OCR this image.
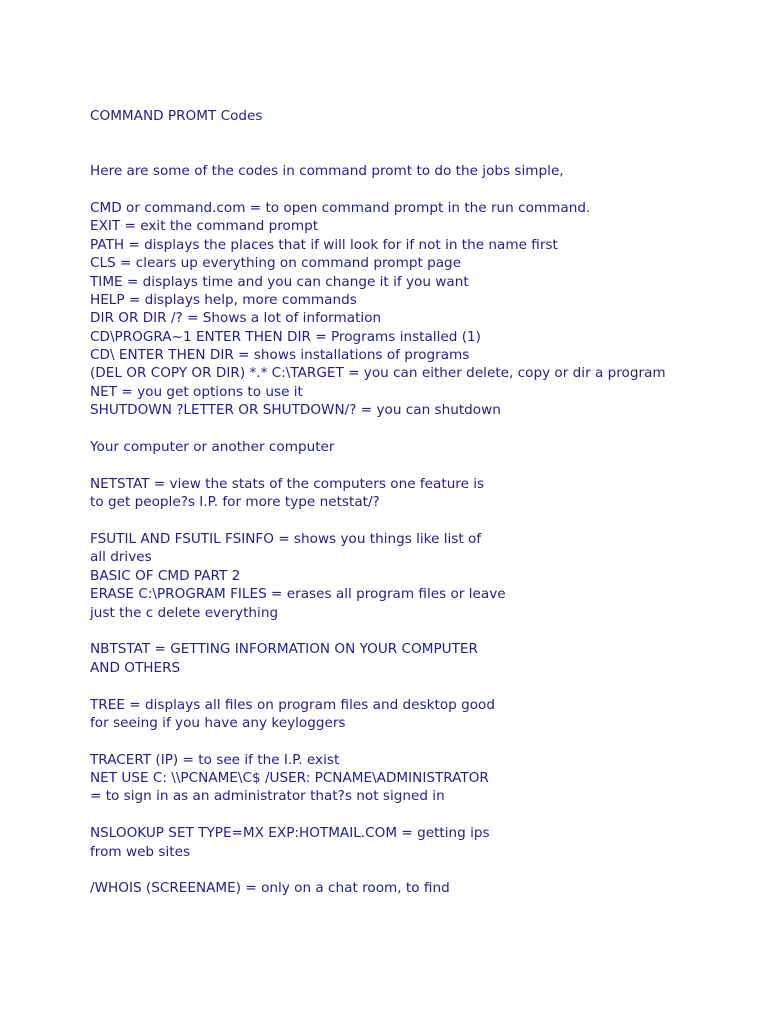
COMMAND PROMT Codes
Here are some of the codes in command promt to do the jobs simple,
CMD or command.com = to open command prompt in the run command.
EXIT = exit the command prompt
PATH = displays the places that if will look for if not in the name first
CLS = clears up everything on command prompt page
TIME = displays time and you can change it if you want
HELP = displays help, more commands
DIR OR DIR /? = Shows a lot of information
CD\PROGRA~1 ENTER THEN DIR = Programs installed (1)
CD\ ENTER THEN DIR = shows installations of programs
(DEL OR COPY OR DIR) *.* C:\TARGET = you can either delete, copy or dir a program
NET = you get options to use it
SHUTDOWN ?LETTER OR SHUTDOWN/? = you can shutdown
Your computer or another computer
NETSTAT = view the stats of the computers one feature is
to get people?s I.P. for more type netstat/?
FSUTIL AND FSUTIL FSINFO = shows you things like list of
all drives
BASIC OF CMD PART 2
ERASE C:\PROGRAM FILES = erases all program files or leave
just the c delete everything
NBTSTAT = GETTING INFORMATION ON YOUR COMPUTER
AND OTHERS
TREE = displays all files on program files and desktop good
for seeing if you have any keyloggers
TRACERT (IP) = to see if the I.P. exist
NET USE C: \\PCNAME\C$ /USER: PCNAME\ADMINISTRATOR
= to sign in as an administrator that?s not signed in
NSLOOKUP SET TYPE=MX EXP:HOTMAIL.COM = getting ips
from web sites
/WHOIS (SCREENAME) = only on a chat room, to find
